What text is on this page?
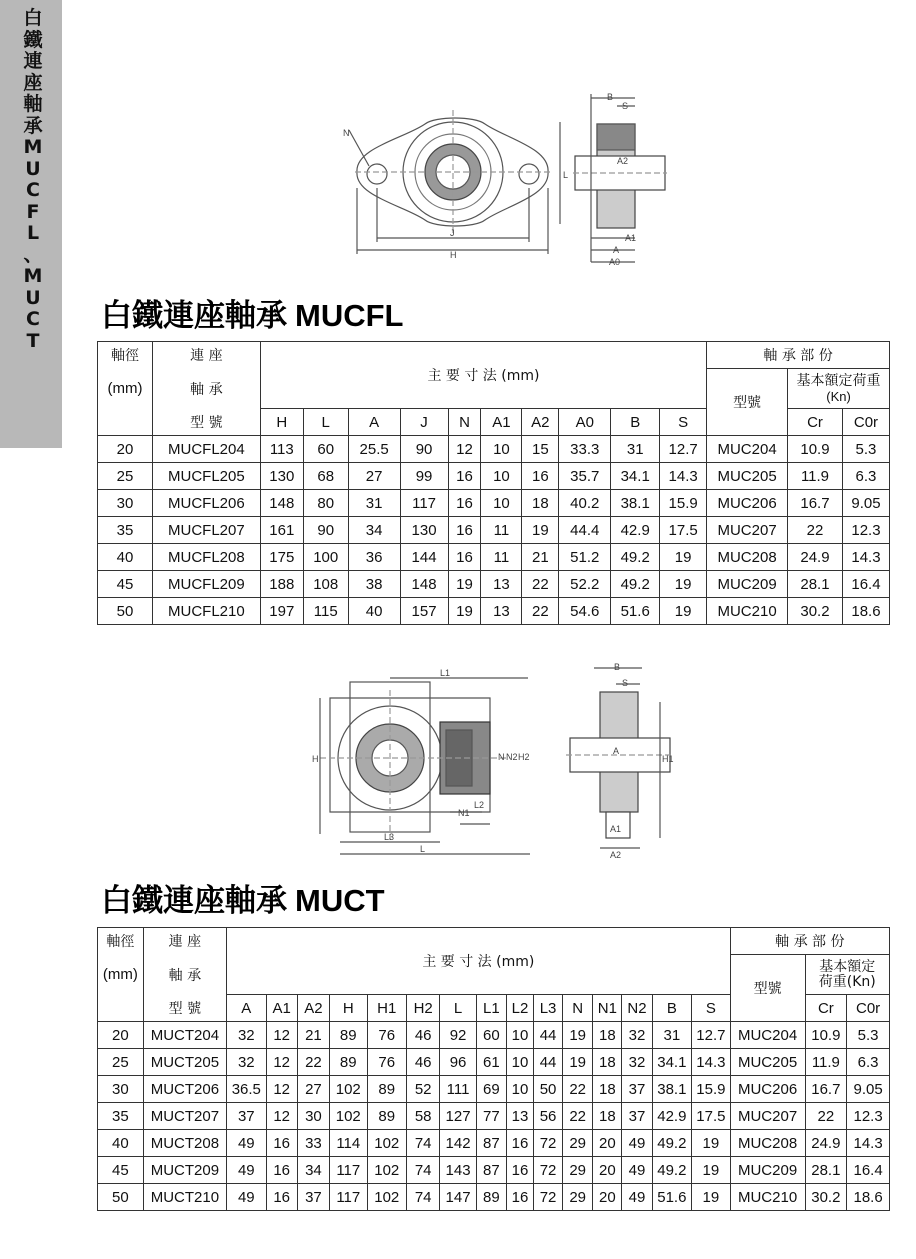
白
鐵
連
座
軸
承
M
U
C
F
L
、
M
U
C
T
N
J
H
L
B
S
A2
A1
A
A0
白鐵連座軸承 MUCFL
軸徑	連 座	主 要 寸 法 (mm)										軸 承 部 份		
(mm)	軸 承											型號	基本額定荷重
(Kn)	
	型 號	H	L	A	J	N	A1	A2	A0	B	S		Cr	C0r
20	MUCFL204	113	60	25.5	90	12	10	15	33.3	31	12.7	MUC204	10.9	5.3
25	MUCFL205	130	68	27	99	16	10	16	35.7	34.1	14.3	MUC205	11.9	6.3
30	MUCFL206	148	80	31	117	16	10	18	40.2	38.1	15.9	MUC206	16.7	9.05
35	MUCFL207	161	90	34	130	16	11	19	44.4	42.9	17.5	MUC207	22	12.3
40	MUCFL208	175	100	36	144	16	11	21	51.2	49.2	19	MUC208	24.9	14.3
45	MUCFL209	188	108	38	148	19	13	22	52.2	49.2	19	MUC209	28.1	16.4
50	MUCFL210	197	115	40	157	19	13	22	54.6	51.6	19	MUC210	30.2	18.6
L1
H	N N2 H2
N1
L2
L3
L
B
S
A
H1
A1
A2
白鐵連座軸承 MUCT
軸徑	連 座	主 要 寸 法 (mm)															軸 承 部 份		
(mm)	軸 承																型號	基本額定
荷重(Kn)	
	型 號	A	A1	A2	H	H1	H2	L	L1	L2	L3	N	N1	N2	B	S		Cr	C0r
20	MUCT204	32	12	21	89	76	46	92	60	10	44	19	18	32	31	12.7	MUC204	10.9	5.3
25	MUCT205	32	12	22	89	76	46	96	61	10	44	19	18	32	34.1	14.3	MUC205	11.9	6.3
30	MUCT206	36.5	12	27	102	89	52	111	69	10	50	22	18	37	38.1	15.9	MUC206	16.7	9.05
35	MUCT207	37	12	30	102	89	58	127	77	13	56	22	18	37	42.9	17.5	MUC207	22	12.3
40	MUCT208	49	16	33	114	102	74	142	87	16	72	29	20	49	49.2	19	MUC208	24.9	14.3
45	MUCT209	49	16	34	117	102	74	143	87	16	72	29	20	49	49.2	19	MUC209	28.1	16.4
50	MUCT210	49	16	37	117	102	74	147	89	16	72	29	20	49	51.6	19	MUC210	30.2	18.6
